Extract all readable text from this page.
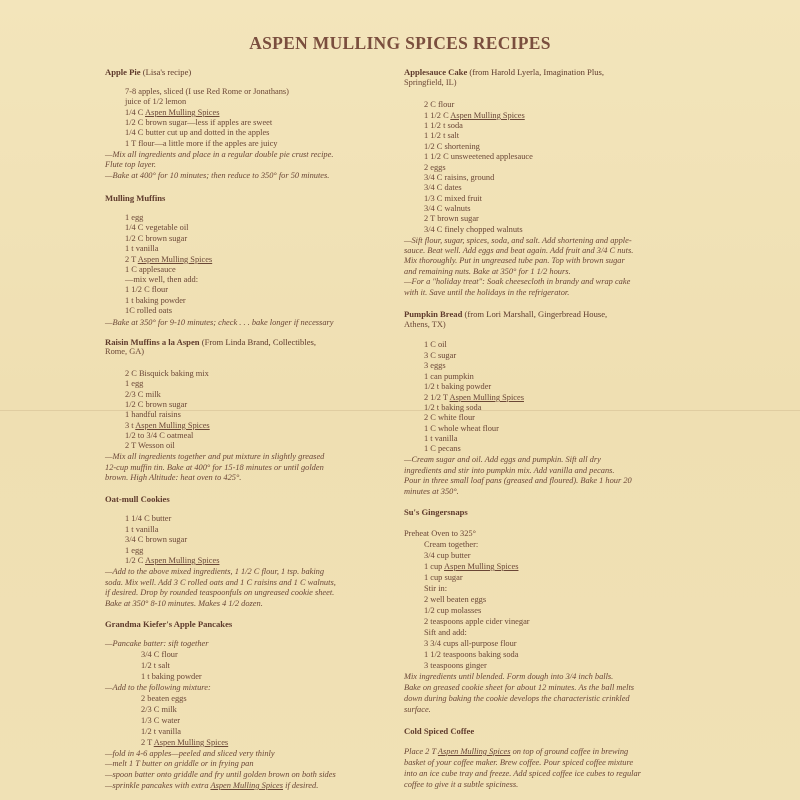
ASPEN MULLING SPICES RECIPES
Apple Pie (Lisa's recipe)
7-8 apples, sliced (I use Red Rome or Jonathans)
juice of 1/2 lemon
1/4 C Aspen Mulling Spices
1/2 C brown sugar—less if apples are sweet
1/4 C butter cut up and dotted in the apples
1 T flour—a little more if the apples are juicy
—Mix all ingredients and place in a regular double pie crust recipe.
Flute top layer.
—Bake at 400° for 10 minutes; then reduce to 350° for 50 minutes.
Mulling Muffins
1 egg
1/4 C vegetable oil
1/2 C brown sugar
1 t vanilla
2 T Aspen Mulling Spices
1 C applesauce
—mix well, then add:
1 1/2 C flour
1 t baking powder
1C rolled oats
—Bake at 350° for 9-10 minutes; check . . . bake longer if necessary
Raisin Muffins a la Aspen (From Linda Brand, Collectibles,
Rome, GA)
2 C Bisquick baking mix
1 egg
2/3 C milk
1/2 C brown sugar
1 handful raisins
3 t Aspen Mulling Spices
1/2 to 3/4 C oatmeal
2 T Wesson oil
—Mix all ingredients together and put mixture in slightly greased
12-cup muffin tin. Bake at 400° for 15-18 minutes or until golden
brown. High Altitude: heat oven to 425°.
Oat-mull Cookies
1 1/4 C butter
1 t vanilla
3/4 C brown sugar
1 egg
1/2 C Aspen Mulling Spices
—Add to the above mixed ingredients, 1 1/2 C flour, 1 tsp. baking
soda. Mix well. Add 3 C rolled oats and 1 C raisins and 1 C walnuts,
if desired. Drop by rounded teaspoonfuls on ungreased cookie sheet.
Bake at 350° 8-10 minutes. Makes 4 1/2 dozen.
Grandma Kiefer's Apple Pancakes
—Pancake batter: sift together
3/4 C flour
1/2 t salt
1 t baking powder
—Add to the following mixture:
2 beaten eggs
2/3 C milk
1/3 C water
1/2 t vanilla
2 T Aspen Mulling Spices
—fold in 4-6 apples—peeled and sliced very thinly
—melt 1 T butter on griddle or in frying pan
—spoon batter onto griddle and fry until golden brown on both sides
—sprinkle pancakes with extra Aspen Mulling Spices if desired.
Applesauce Cake (from Harold Lyerla, Imagination Plus,
Springfield, IL)
2 C flour
1 1/2 C Aspen Mulling Spices
1 1/2 t soda
1 1/2 t salt
1/2 C shortening
1 1/2 C unsweetened applesauce
2 eggs
3/4 C raisins, ground
3/4 C dates
1/3 C mixed fruit
3/4 C walnuts
2 T brown sugar
3/4 C finely chopped walnuts
—Sift flour, sugar, spices, soda, and salt. Add shortening and apple-
sauce. Beat well. Add eggs and beat again. Add fruit and 3/4 C nuts.
Mix thoroughly. Put in ungreased tube pan. Top with brown sugar
and remaining nuts. Bake at 350° for 1 1/2 hours.
—For a "holiday treat": Soak cheesecloth in brandy and wrap cake
with it. Save until the holidays in the refrigerator.
Pumpkin Bread (from Lori Marshall, Gingerbread House,
Athens, TX)
1 C oil
3 C sugar
3 eggs
1 can pumpkin
1/2 t baking powder
2 1/2 T Aspen Mulling Spices
1/2 t baking soda
2 C white flour
1 C whole wheat flour
1 t vanilla
1 C pecans
—Cream sugar and oil. Add eggs and pumpkin. Sift all dry
ingredients and stir into pumpkin mix. Add vanilla and pecans.
Pour in three small loaf pans (greased and floured). Bake 1 hour 20
minutes at 350°.
Su's Gingersnaps
Preheat Oven to 325°
Cream together:
3/4 cup butter
1 cup Aspen Mulling Spices
1 cup sugar
Stir in:
2 well beaten eggs
1/2 cup molasses
2 teaspoons apple cider vinegar
Sift and add:
3 3/4 cups all-purpose flour
1 1/2 teaspoons baking soda
3 teaspoons ginger
Mix ingredients until blended. Form dough into 3/4 inch balls.
Bake on greased cookie sheet for about 12 minutes. As the ball melts
down during baking the cookie develops the characteristic crinkled
surface.
Cold Spiced Coffee
Place 2 T Aspen Mulling Spices on top of ground coffee in brewing
basket of your coffee maker. Brew coffee. Pour spiced coffee mixture
into an ice cube tray and freeze. Add spiced coffee ice cubes to regular
coffee to give it a subtle spiciness.
